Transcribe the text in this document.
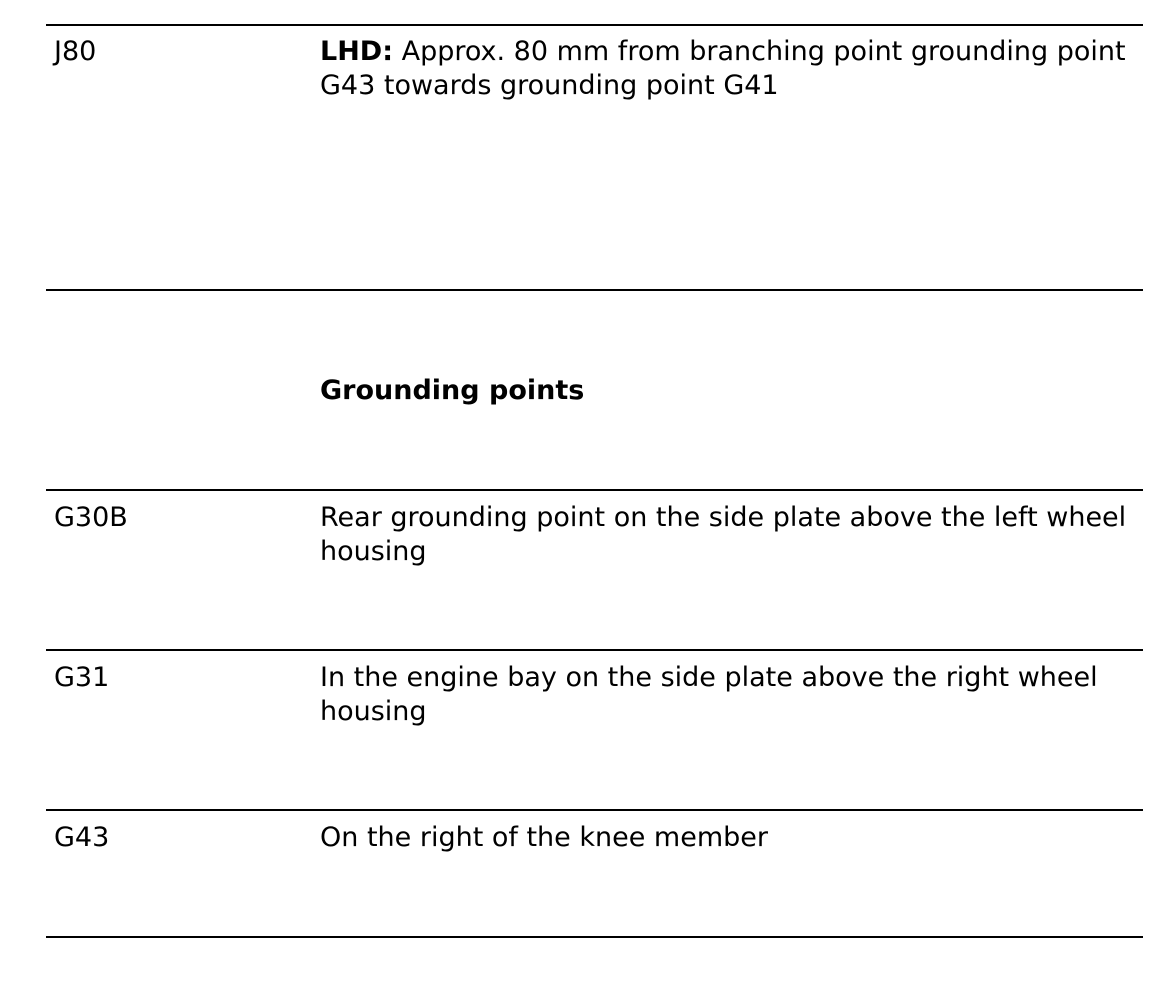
J80	LHD: Approx. 80 mm from branching point grounding point G43 towards grounding point G41
Grounding points
G30B	Rear grounding point on the side plate above the left wheel housing
G31	In the engine bay on the side plate above the right wheel housing
G43	On the right of the knee member
